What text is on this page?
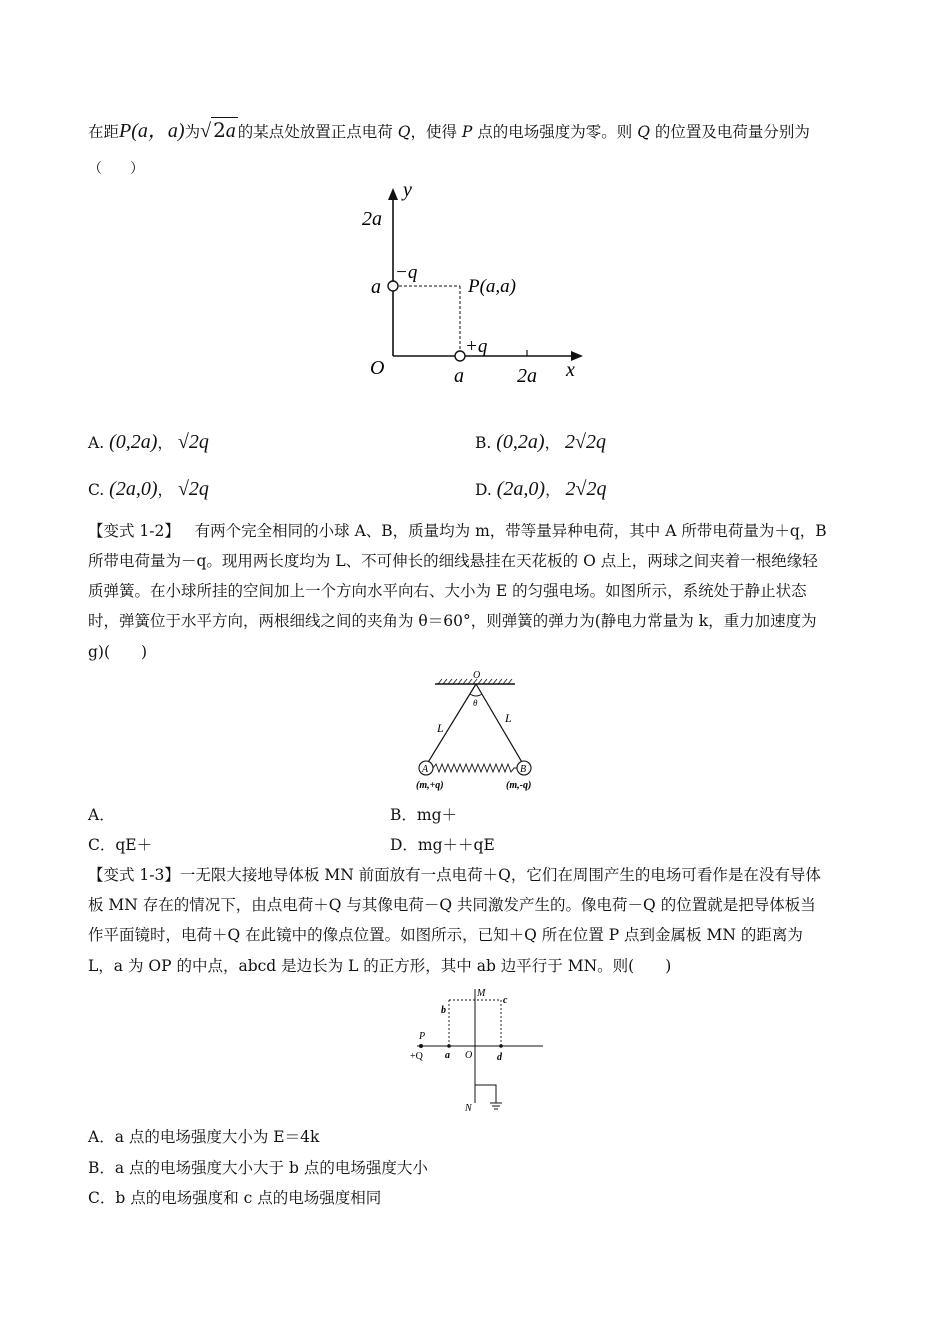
在距P(a，a)为√ 2a 的某点处放置正点电荷 Q，使得 P 点的电场强度为零。则 Q 的位置及电荷量分别为
（　　）
y
x
O
2a
a
a	2a
−q
+q
P(a,a)
A. (0,2a)， √2q	B. (0,2a)， 2√2q
C. (2a,0)， √2q	D. (2a,0)， 2√2q
【变式 1-2】 有两个完全相同的小球 A、B，质量均为 m，带等量异种电荷，其中 A 所带电荷量为＋q，B
所带电荷量为－q。现用两长度均为 L、不可伸长的细线悬挂在天花板的 O 点上，两球之间夹着一根绝缘轻
质弹簧。在小球所挂的空间加上一个方向水平向右、大小为 E 的匀强电场。如图所示，系统处于静止状态
时，弹簧位于水平方向，两根细线之间的夹角为 θ＝60°，则弹簧的弹力为(静电力常量为 k，重力加速度为
g)(　　)
O
θ
L
L
A	B
(m,+q)	(m,-q)
A．	B．mg＋
C．qE＋	D．mg＋＋qE
【变式 1-3】一无限大接地导体板 MN 前面放有一点电荷＋Q，它们在周围产生的电场可看作是在没有导体
板 MN 存在的情况下，由点电荷＋Q 与其像电荷－Q 共同激发产生的。像电荷－Q 的位置就是把导体板当
作平面镜时，电荷＋Q 在此镜中的像点位置。如图所示，已知＋Q 所在位置 P 点到金属板 MN 的距离为
L，a 为 OP 的中点，abcd 是边长为 L 的正方形，其中 ab 边平行于 MN。则(　　)
M
N
b
c
P
+Q a O d
A．a 点的电场强度大小为 E＝4k
B．a 点的电场强度大小大于 b 点的电场强度大小
C．b 点的电场强度和 c 点的电场强度相同
